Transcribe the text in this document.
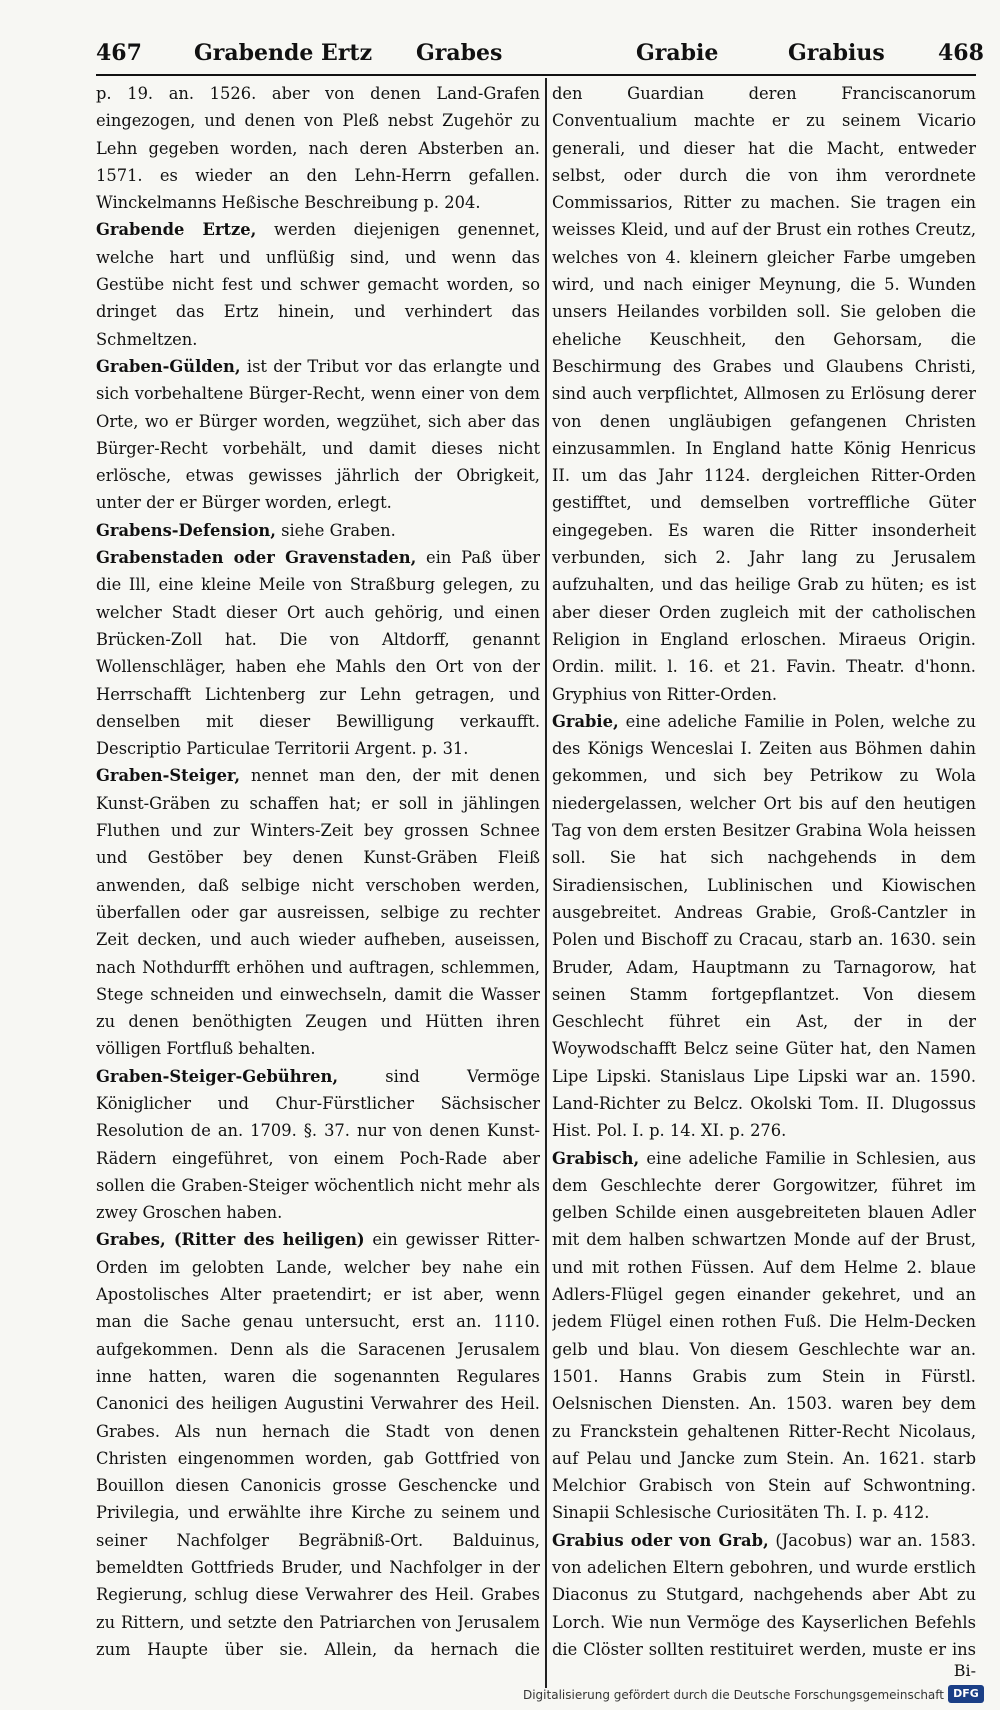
467 Grabende Ertz Grabes	Grabie	Grabius 468

p. 19. an. 1526. aber von denen Land-Grafen eingezogen, und denen von Pleß nebst Zugehör zu Lehn gegeben worden, nach deren Absterben an. 1571. es wieder an den Lehn-Herrn gefallen. Winckelmanns Heßische Beschreibung p. 204.

Grabende Ertze, werden diejenigen genennet, welche hart und unflüßig sind, und wenn das Gestübe nicht fest und schwer gemacht worden, so dringet das Ertz hinein, und verhindert das Schmeltzen.

Graben-Gülden, ist der Tribut vor das erlangte und sich vorbehaltene Bürger-Recht, wenn einer von dem Orte, wo er Bürger worden, wegzühet, sich aber das Bürger-Recht vorbehält, und damit dieses nicht erlösche, etwas gewisses jährlich der Obrigkeit, unter der er Bürger worden, erlegt.

Grabens-Defension, siehe Graben.

Grabenstaden oder Gravenstaden, ein Paß über die Ill, eine kleine Meile von Straßburg gelegen, zu welcher Stadt dieser Ort auch gehörig, und einen Brücken-Zoll hat. Die von Altdorff, genannt Wollenschläger, haben ehe Mahls den Ort von der Herrschafft Lichtenberg zur Lehn getragen, und denselben mit dieser Bewilligung verkaufft. Descriptio Particulae Territorii Argent. p. 31.

Graben-Steiger, nennet man den, der mit denen Kunst-Gräben zu schaffen hat; er soll in jählingen Fluthen und zur Winters-Zeit bey grossen Schnee und Gestöber bey denen Kunst-Gräben Fleiß anwenden, daß selbige nicht verschoben werden, überfallen oder gar ausreissen, selbige zu rechter Zeit decken, und auch wieder aufheben, auseissen, nach Nothdurfft erhöhen und auftragen, schlemmen, Stege schneiden und einwechseln, damit die Wasser zu denen benöthigten Zeugen und Hütten ihren völligen Fortfluß behalten.

Graben-Steiger-Gebühren,	sind Vermöge Königlicher und Chur-Fürstlicher Sächsischer Resolution de an. 1709. §. 37. nur von denen Kunst-Rädern eingeführet, von einem Poch-Rade aber sollen die Graben-Steiger wöchentlich nicht mehr als zwey Groschen haben.

Grabes, (Ritter des heiligen) ein gewisser Ritter-Orden im gelobten Lande, welcher bey nahe ein Apostolisches Alter praetendirt; er ist aber, wenn man die Sache genau untersucht, erst an. 1110. aufgekommen. Denn als die Saracenen Jerusalem inne hatten, waren die sogenannten Regulares Canonici des heiligen Augustini Verwahrer des Heil. Grabes. Als nun hernach die Stadt von denen Christen eingenommen worden, gab Gottfried von Bouillon diesen Canonicis grosse Geschencke und Privilegia, und erwählte ihre Kirche zu seinem und seiner Nachfolger Begräbniß-Ort. Balduinus, bemeldten Gottfrieds Bruder, und Nachfolger in der Regierung, schlug diese Verwahrer des Heil. Grabes zu Rittern, und setzte den Patriarchen von Jerusalem zum Haupte über sie. Allein, da hernach die

den Guardian deren Franciscanorum Conventualium machte er zu seinem Vicario generali, und dieser hat die Macht, entweder selbst, oder durch die von ihm verordnete Commissarios, Ritter zu machen. Sie tragen ein weisses Kleid, und auf der Brust ein rothes Creutz, welches von 4. kleinern gleicher Farbe umgeben wird, und nach einiger Meynung, die 5. Wunden unsers Heilandes vorbilden soll. Sie geloben die eheliche Keuschheit, den Gehorsam, die Beschirmung des Grabes und Glaubens Christi, sind auch verpflichtet, Allmosen zu Erlösung derer von denen ungläubigen gefangenen Christen einzusammlen. In England hatte König Henricus II. um das Jahr 1124. dergleichen Ritter-Orden gestifftet, und demselben vortreffliche Güter eingegeben. Es waren die Ritter insonderheit verbunden, sich 2. Jahr lang zu Jerusalem aufzuhalten, und das heilige Grab zu hüten; es ist aber dieser Orden zugleich mit der catholischen Religion in England erloschen. Miraeus Origin. Ordin. milit. l. 16. et 21. Favin. Theatr. d'honn. Gryphius von Ritter-Orden.

Grabie, eine adeliche Familie in Polen, welche zu des Königs Wenceslai I. Zeiten aus Böhmen dahin gekommen, und sich bey Petrikow zu Wola niedergelassen, welcher Ort bis auf den heutigen Tag von dem ersten Besitzer Grabina Wola heissen soll. Sie hat sich nachgehends in dem Siradiensischen, Lublinischen und Kiowischen ausgebreitet. Andreas Grabie, Groß-Cantzler in Polen und Bischoff zu Cracau, starb an. 1630. sein Bruder, Adam, Hauptmann zu Tarnagorow, hat seinen Stamm fortgepflantzet. Von diesem Geschlecht führet ein Ast, der in der Woywodschafft Belcz seine Güter hat, den Namen Lipe Lipski. Stanislaus Lipe Lipski war an. 1590. Land-Richter zu Belcz. Okolski Tom. II. Dlugossus Hist. Pol. I. p. 14. XI. p. 276.

Grabisch, eine adeliche Familie in Schlesien, aus dem Geschlechte derer Gorgowitzer, führet im gelben Schilde einen ausgebreiteten blauen Adler mit dem halben schwartzen Monde auf der Brust, und mit rothen Füssen. Auf dem Helme 2. blaue Adlers-Flügel gegen einander gekehret, und an jedem Flügel einen rothen Fuß. Die Helm-Decken gelb und blau. Von diesem Geschlechte war an. 1501. Hanns Grabis zum Stein in Fürstl. Oelsnischen Diensten. An. 1503. waren bey dem zu Franckstein gehaltenen Ritter-Recht Nicolaus, auf Pelau und Jancke zum Stein. An. 1621. starb Melchior Grabisch von Stein auf Schwontning. Sinapii Schlesische Curiositäten Th. I. p. 412.

Grabius oder von Grab, (Jacobus) war an. 1583. von adelichen Eltern gebohren, und wurde erstlich Diaconus zu Stutgard, nachgehends aber Abt zu Lorch. Wie nun Vermöge des Kayserlichen Befehls die Clöster sollten restituiret werden, muste er ins

Bi-
Digitalisierung gefördert durch die Deutsche Forschungsgemeinschaft DFG
